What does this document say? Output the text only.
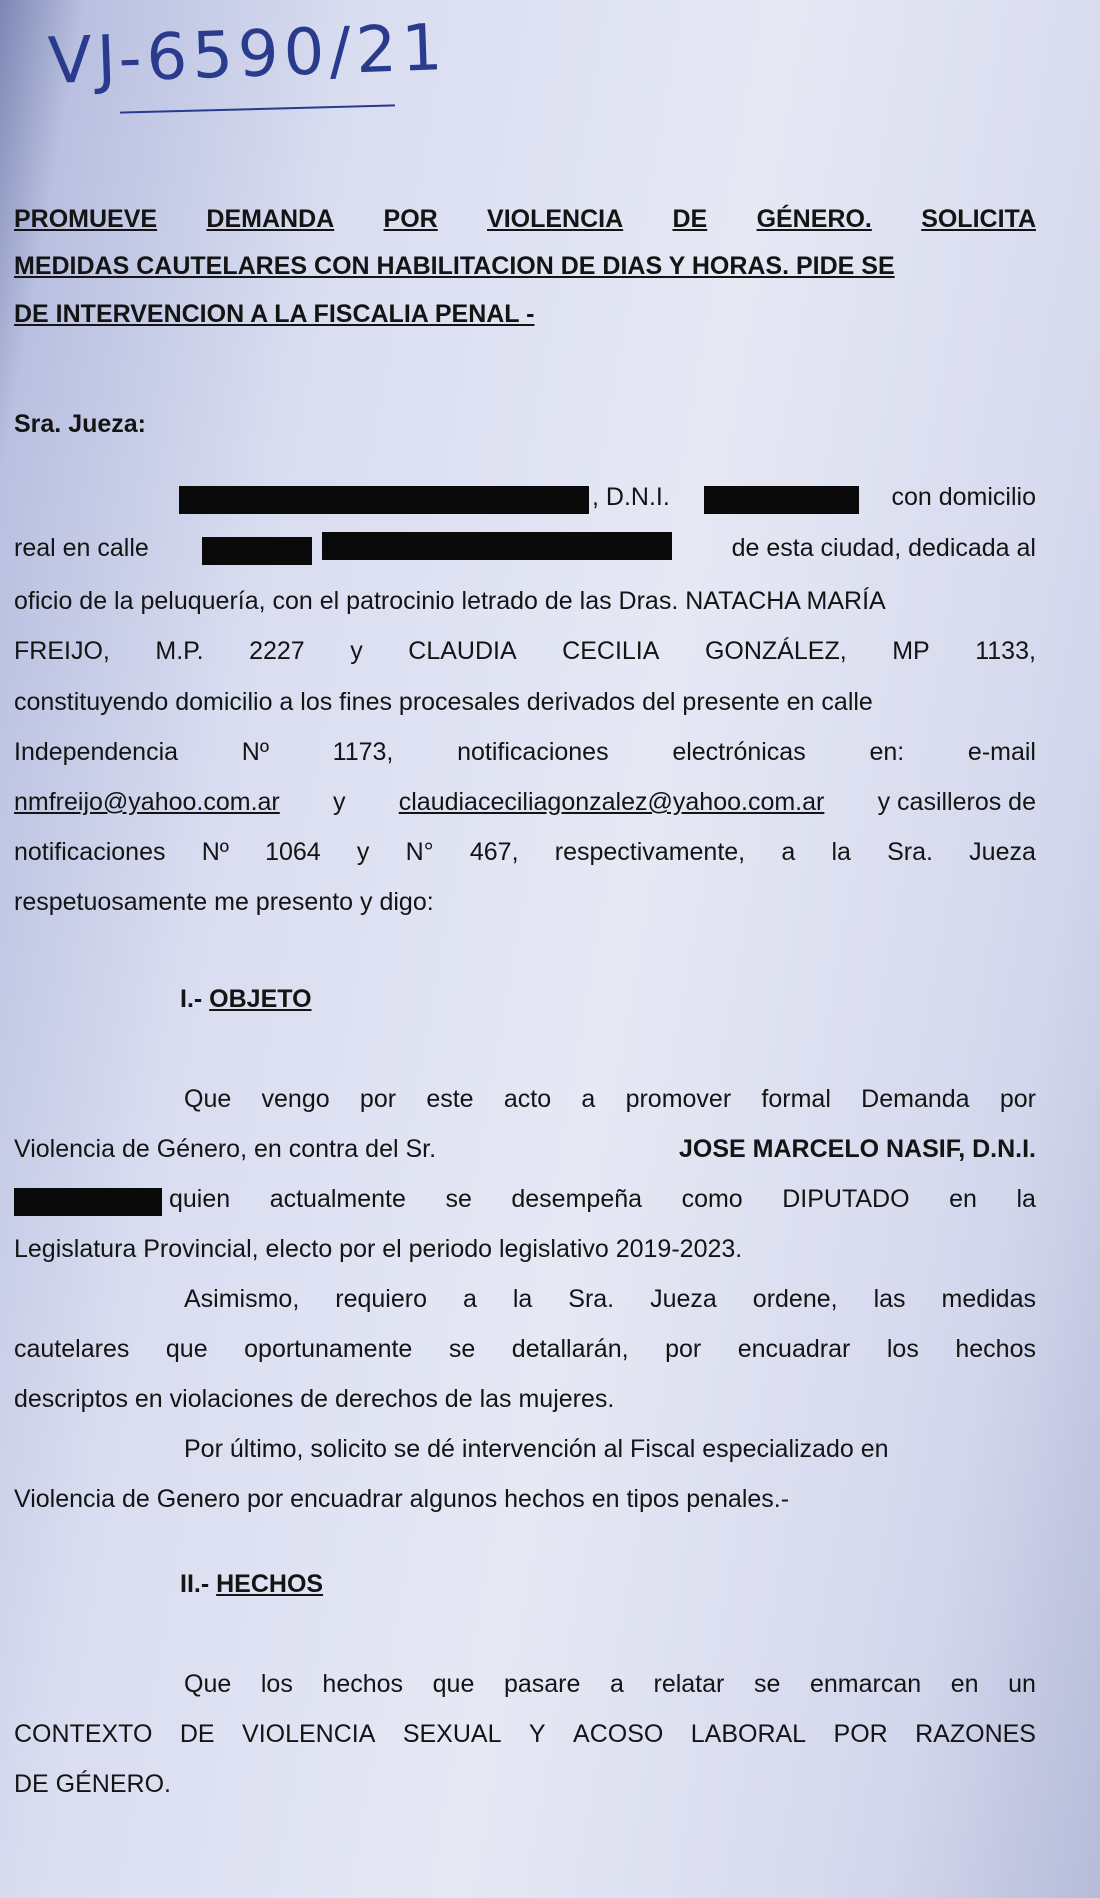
VJ-6590/21
PROMUEVE DEMANDA POR VIOLENCIA DE GÉNERO. SOLICITA
MEDIDAS CAUTELARES CON HABILITACION DE DIAS Y HORAS. PIDE SE
DE INTERVENCION A LA FISCALIA PENAL -
Sra. Jueza:
, D.N.I.	con domicilio
real en calle	de esta ciudad, dedicada al
oficio de la peluquería, con el patrocinio letrado de las Dras. NATACHA MARÍA
FREIJO, M.P. 2227 y CLAUDIA CECILIA GONZÁLEZ, MP 1133,
constituyendo domicilio a los fines procesales derivados del presente en calle
Independencia	Nº	1173,	notificaciones	electrónicas	en:	e-mail
nmfreijo@yahoo.com.ar y claudiaceciliagonzalez@yahoo.com.ar y casilleros de
notificaciones Nº 1064 y N° 467, respectivamente, a la Sra. Jueza
respetuosamente me presento y digo:
I.- OBJETO
Que vengo por este acto a promover formal Demanda por
Violencia de Género, en contra del Sr.	JOSE MARCELO NASIF, D.N.I.
quien actualmente se desempeña como DIPUTADO en la
Legislatura Provincial, electo por el periodo legislativo 2019-2023.
Asimismo, requiero a la Sra. Jueza ordene, las medidas
cautelares que oportunamente se detallarán, por encuadrar los hechos
descriptos en violaciones de derechos de las mujeres.
Por último, solicito se dé intervención al Fiscal especializado en
Violencia de Genero por encuadrar algunos hechos en tipos penales.-
II.- HECHOS
Que los hechos que pasare a relatar se enmarcan en un
CONTEXTO DE VIOLENCIA SEXUAL Y ACOSO LABORAL POR RAZONES
DE GÉNERO.
